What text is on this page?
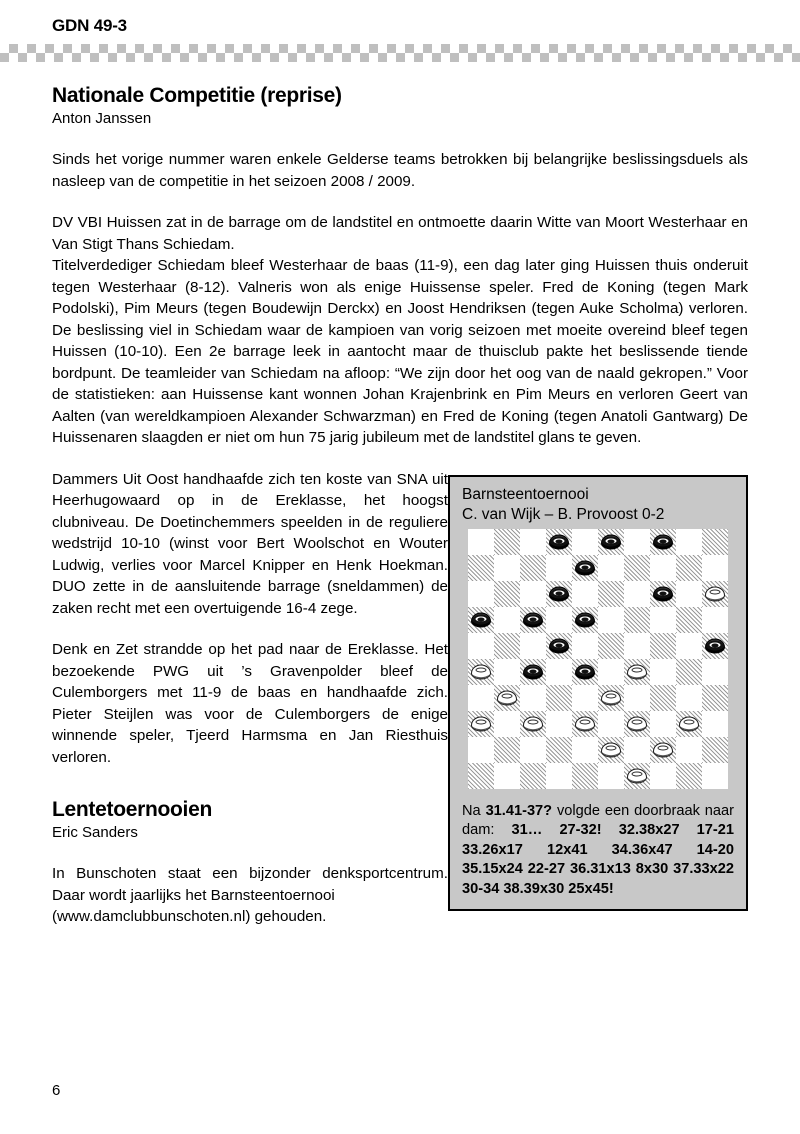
GDN 49-3
Nationale Competitie (reprise)

Anton Janssen

Sinds het vorige nummer waren enkele Gelderse teams betrokken bij belangrijke beslissingsduels als nasleep van de competitie in het seizoen 2008 / 2009.

DV VBI Huissen zat in de barrage om de landstitel en ontmoette daarin Witte van Moort Westerhaar en Van Stigt Thans Schiedam.
Titelverdediger Schiedam bleef Westerhaar de baas (11-9), een dag later ging Huissen thuis onderuit tegen Westerhaar (8-12). Valneris won als enige Huissense speler. Fred de Koning (tegen Mark Podolski), Pim Meurs (tegen Boudewijn Derckx) en Joost Hendriksen (tegen Auke Scholma) verloren. De beslissing viel in Schiedam waar de kampioen van vorig seizoen met moeite overeind bleef tegen Huissen (10-10). Een 2e barrage leek in aantocht maar de thuisclub pakte het beslissende tiende bordpunt. De teamleider van Schiedam na afloop: “We zijn door het oog van de naald gekropen.” Voor de statistieken: aan Huissense kant wonnen Johan Krajenbrink en Pim Meurs en verloren Geert van Aalten (van wereldkampioen Alexander Schwarzman) en Fred de Koning (tegen Anatoli Gantwarg) De Huissenaren slaagden er niet om hun 75 jarig jubileum met de landstitel glans te geven.

Barnsteentoernooi
C. van Wijk – B. Provoost 0-2
Na 31.41-37? volgde een doorbraak naar dam: 31… 27-32! 32.38x27 17-21 33.26x17 12x41 34.36x47 14-20 35.15x24 22-27 36.31x13 8x30 37.33x22 30-34 38.39x30 25x45!

Dammers Uit Oost handhaafde zich ten koste van SNA uit Heerhugowaard op in de Ereklasse, het hoogst clubniveau. De Doetinchemmers speelden in de reguliere wedstrijd 10-10 (winst voor Bert Woolschot en Wouter Ludwig, verlies voor Marcel Knipper en Henk Hoekman. DUO zette in de aansluitende barrage (sneldammen) de zaken recht met een overtuigende 16-4 zege.

Denk en Zet strandde op het pad naar de Ereklasse. Het bezoekende PWG uit ’s Gravenpolder bleef de Culemborgers met 11-9 de baas en handhaafde zich. Pieter Steijlen was voor de Culemborgers de enige winnende speler, Tjeerd Harmsma en Jan Riesthuis verloren.

Lentetoernooien

Eric Sanders

In Bunschoten staat een bijzonder denksportcentrum. Daar wordt jaarlijks het Barnsteentoernooi

(www.damclubbunschoten.nl) gehouden.

6
